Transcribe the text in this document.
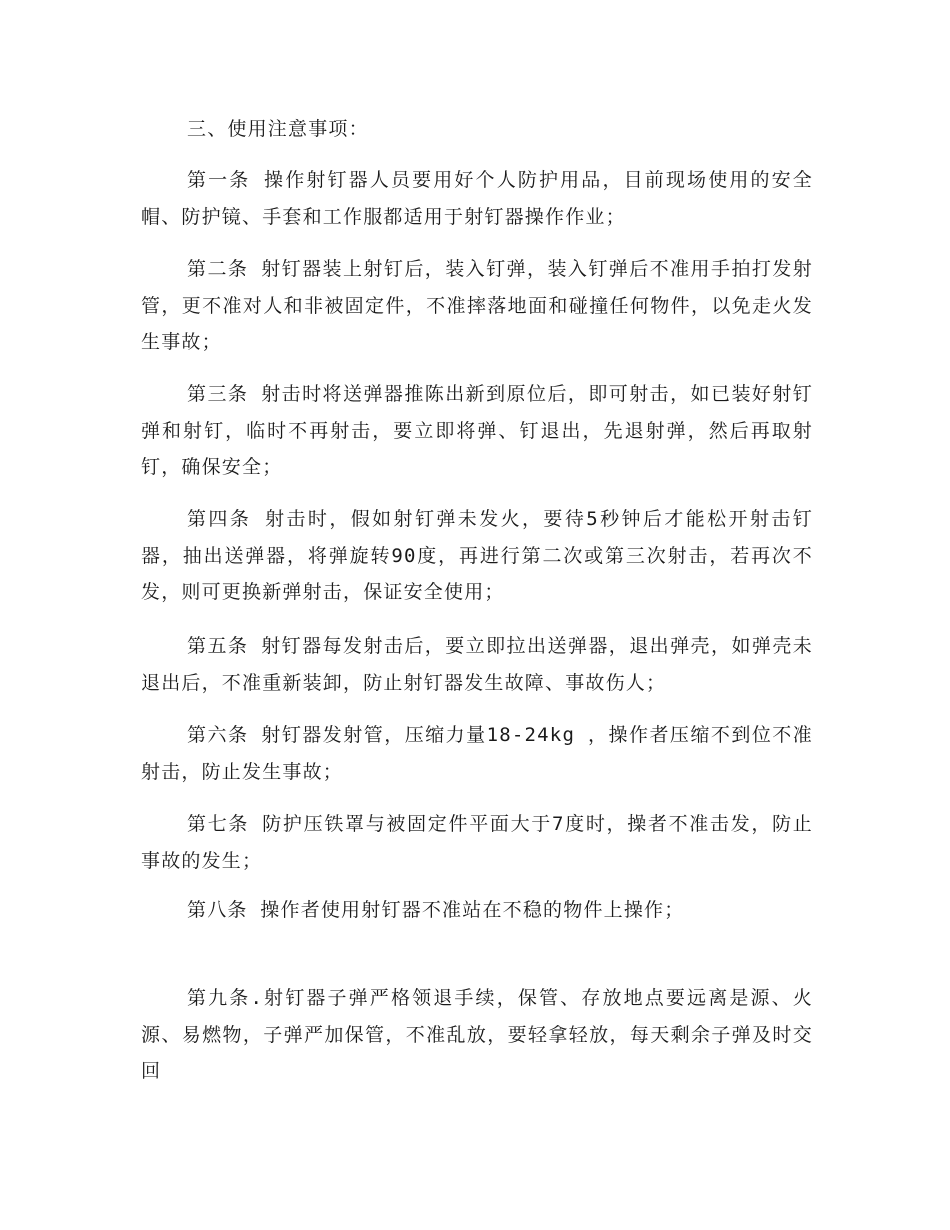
三、使用注意事项：

第一条 操作射钉器人员要用好个人防护用品，目前现场使用的安全帽、防护镜、手套和工作服都适用于射钉器操作作业；

第二条 射钉器装上射钉后，装入钉弹，装入钉弹后不准用手拍打发射管，更不准对人和非被固定件，不准摔落地面和碰撞任何物件，以免走火发生事故；

第三条 射击时将送弹器推陈出新到原位后，即可射击，如已装好射钉弹和射钉，临时不再射击，要立即将弹、钉退出，先退射弹，然后再取射钉，确保安全；

第四条 射击时，假如射钉弹未发火，要待5秒钟后才能松开射击钉器，抽出送弹器，将弹旋转90度，再进行第二次或第三次射击，若再次不发，则可更换新弹射击，保证安全使用；

第五条 射钉器每发射击后，要立即拉出送弹器，退出弹壳，如弹壳未退出后，不准重新装卸，防止射钉器发生故障、事故伤人；

第六条 射钉器发射管，压缩力量18-24kg ，操作者压缩不到位不准射击，防止发生事故；

第七条 防护压铁罩与被固定件平面大于7度时，操者不准击发，防止事故的发生；

第八条 操作者使用射钉器不准站在不稳的物件上操作；

第九条.射钉器子弹严格领退手续，保管、存放地点要远离是源、火源、易燃物，子弹严加保管，不准乱放，要轻拿轻放，每天剩余子弹及时交回
